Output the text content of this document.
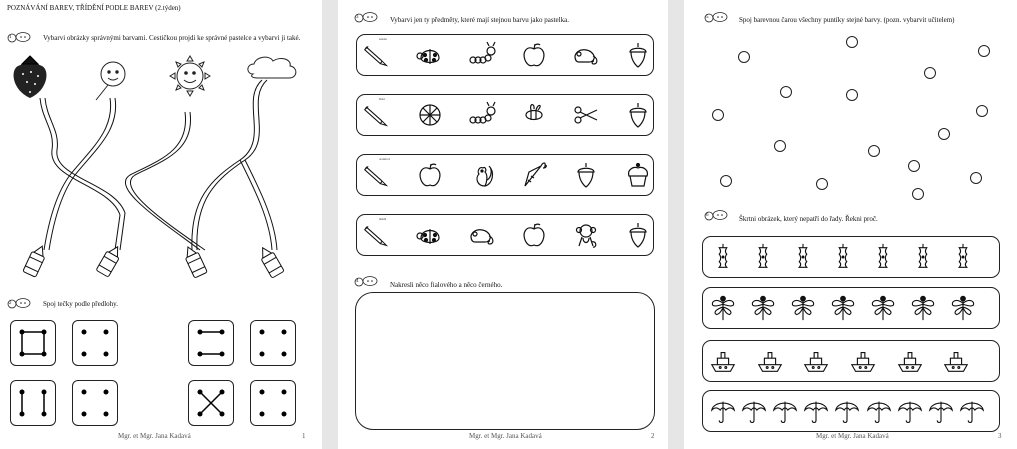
POZNÁVÁNÍ BAREV, TŘÍDĚNÍ PODLE BAREV (2.týden)
1	Vybarvi obrázky správnými barvami. Cestičkou projdi ke správné pastelce a vybarvi ji také.
2	Spoj tečky podle předlohy.
Mgr. et Mgr. Jana Kadavá	1
3	Vybarvi jen ty předměty, které mají stejnou barvu jako pastelka.
4	Nakresli něco fialového a něco černého.
Mgr. et Mgr. Jana Kadavá	2
zelená
žlutá
oranžová
hnědá
5	Spoj barevnou čarou všechny puntíky stejné barvy. (pozn. vybarvit učitelem)
6	Škrtni obrázek, který nepatří do řady. Řekni proč.
Mgr. et Mgr. Jana Kadavá	3
